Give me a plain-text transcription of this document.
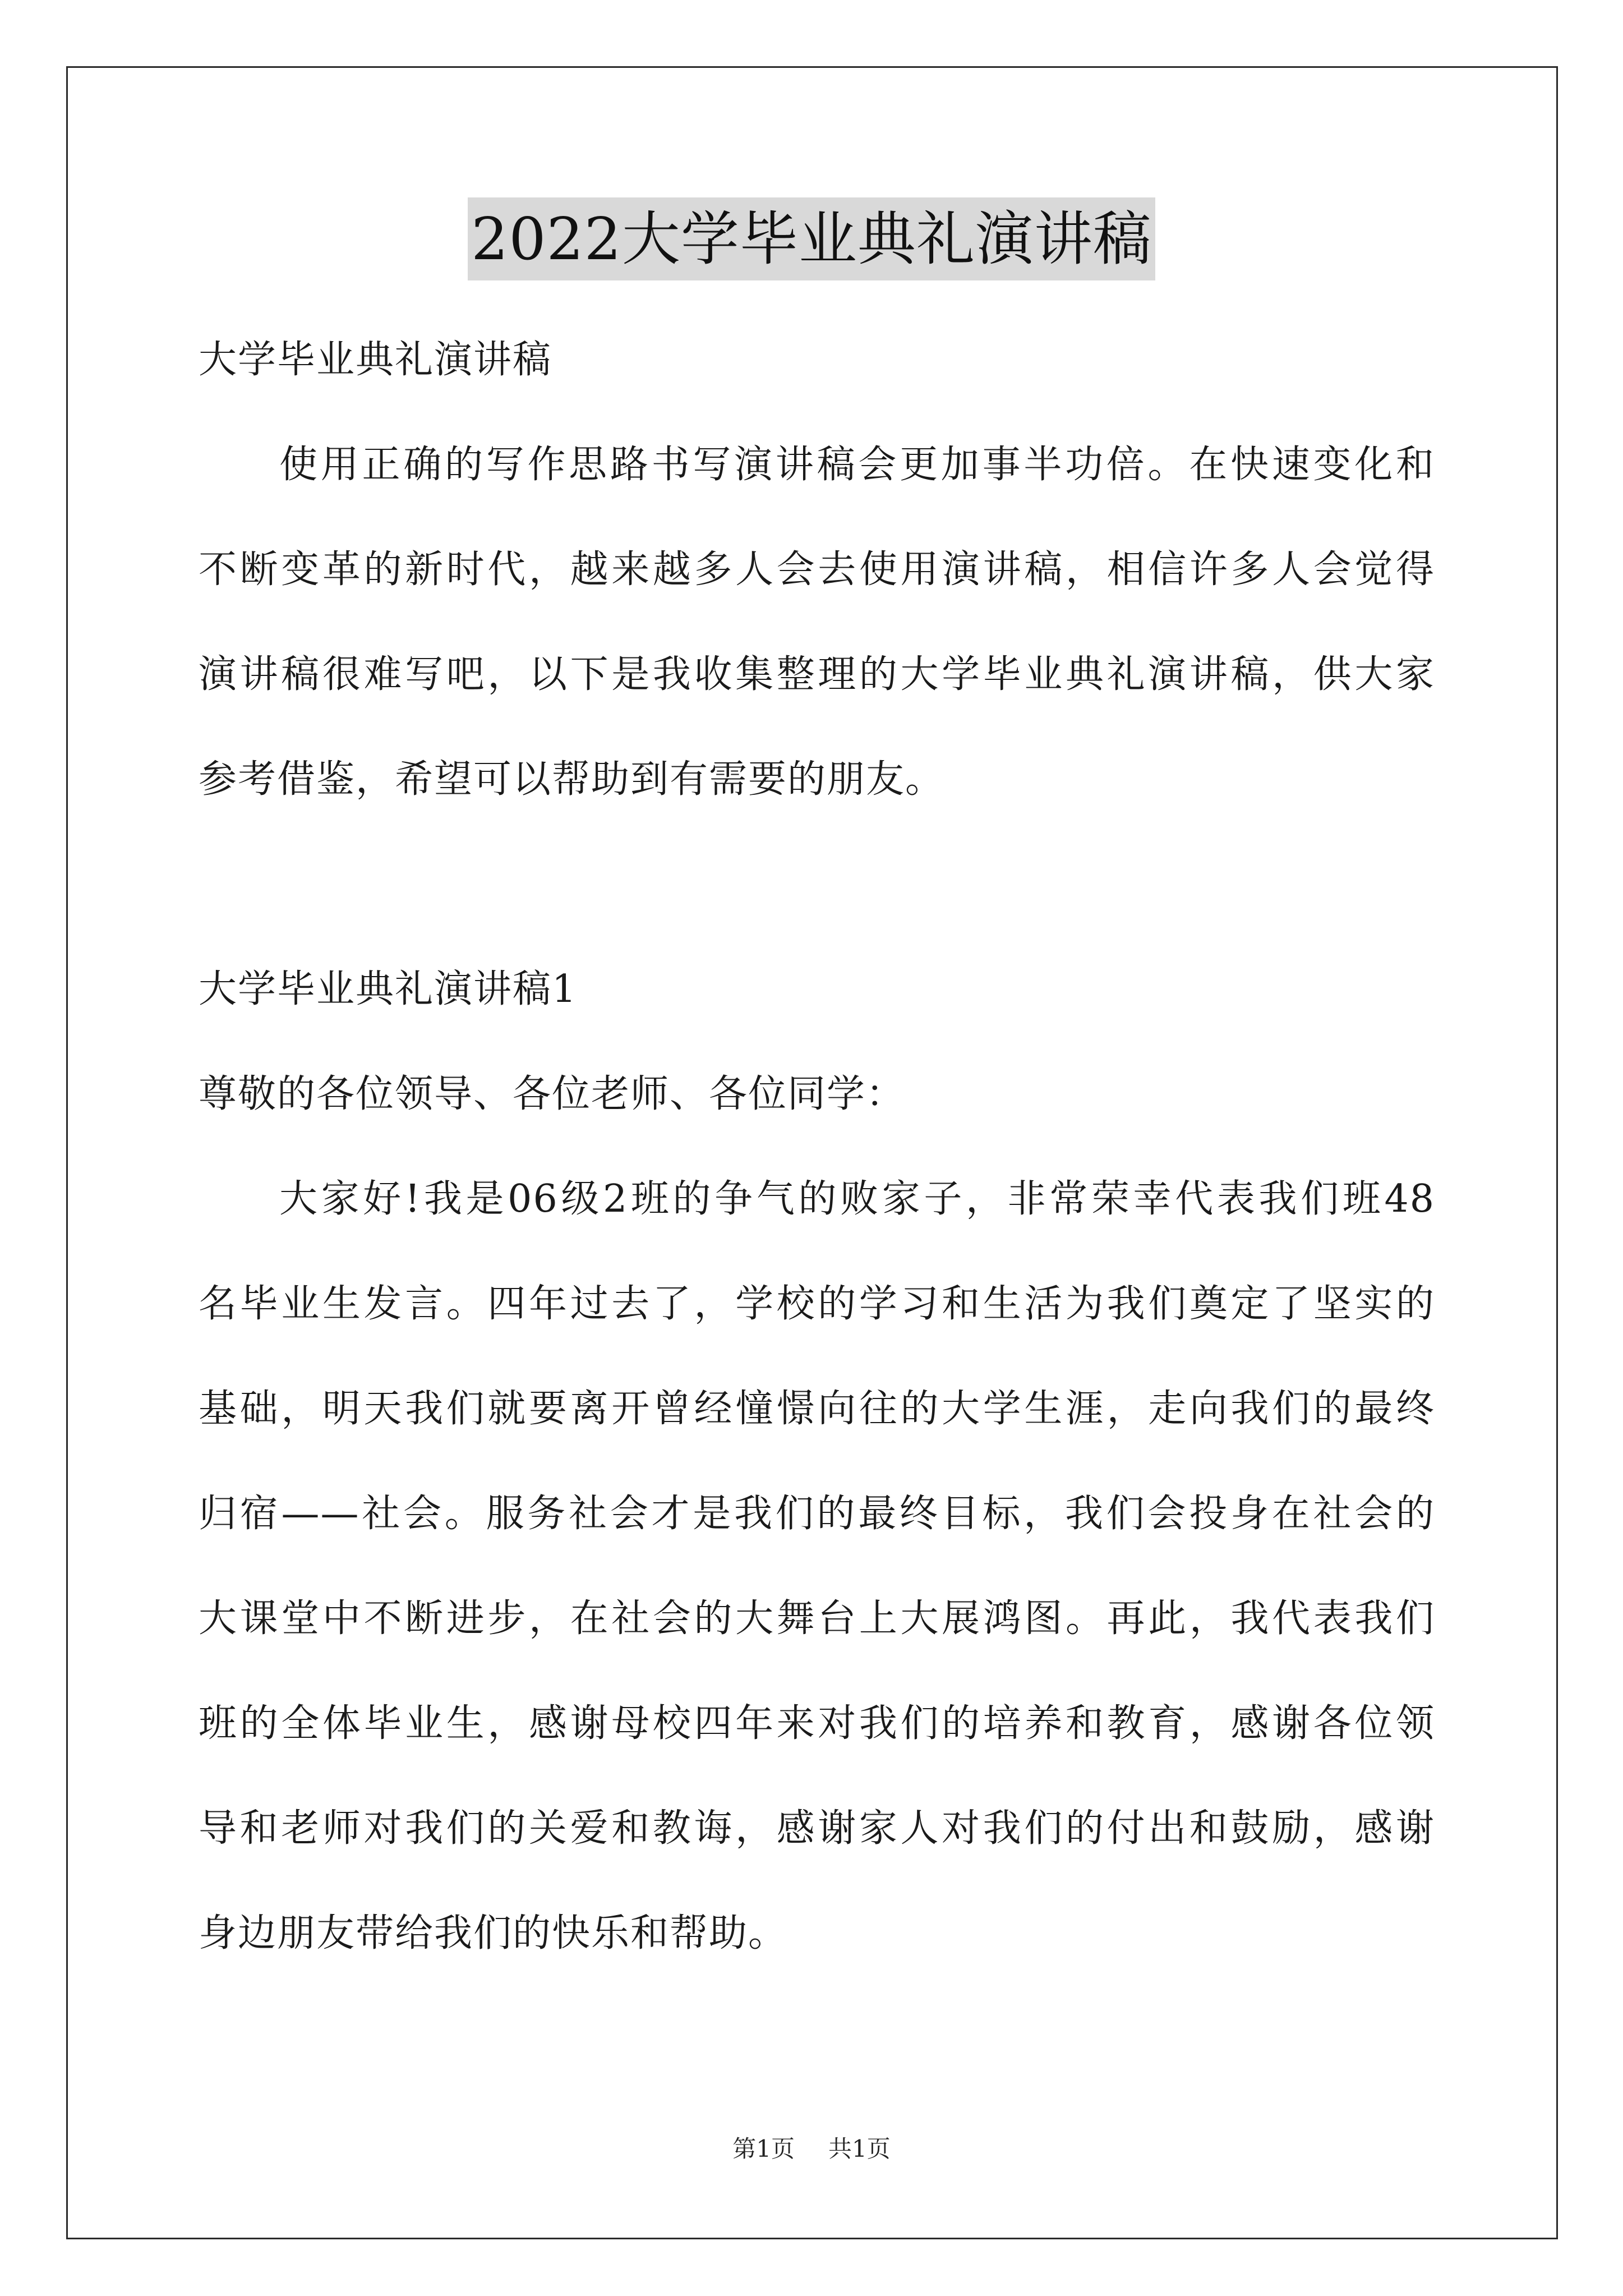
2022大学毕业典礼演讲稿
大学毕业典礼演讲稿
使用正确的写作思路书写演讲稿会更加事半功倍。在快速变化和
不断变革的新时代，越来越多人会去使用演讲稿，相信许多人会觉得
演讲稿很难写吧，以下是我收集整理的大学毕业典礼演讲稿，供大家
参考借鉴，希望可以帮助到有需要的朋友。
大学毕业典礼演讲稿1
尊敬的各位领导、各位老师、各位同学：
大家好!我是06级2班的争气的败家子，非常荣幸代表我们班48
名毕业生发言。四年过去了，学校的学习和生活为我们奠定了坚实的
基础，明天我们就要离开曾经憧憬向往的大学生涯，走向我们的最终
归宿——社会。服务社会才是我们的最终目标，我们会投身在社会的
大课堂中不断进步，在社会的大舞台上大展鸿图。再此，我代表我们
班的全体毕业生，感谢母校四年来对我们的培养和教育，感谢各位领
导和老师对我们的关爱和教诲，感谢家人对我们的付出和鼓励，感谢
身边朋友带给我们的快乐和帮助。
第1页 共1页
